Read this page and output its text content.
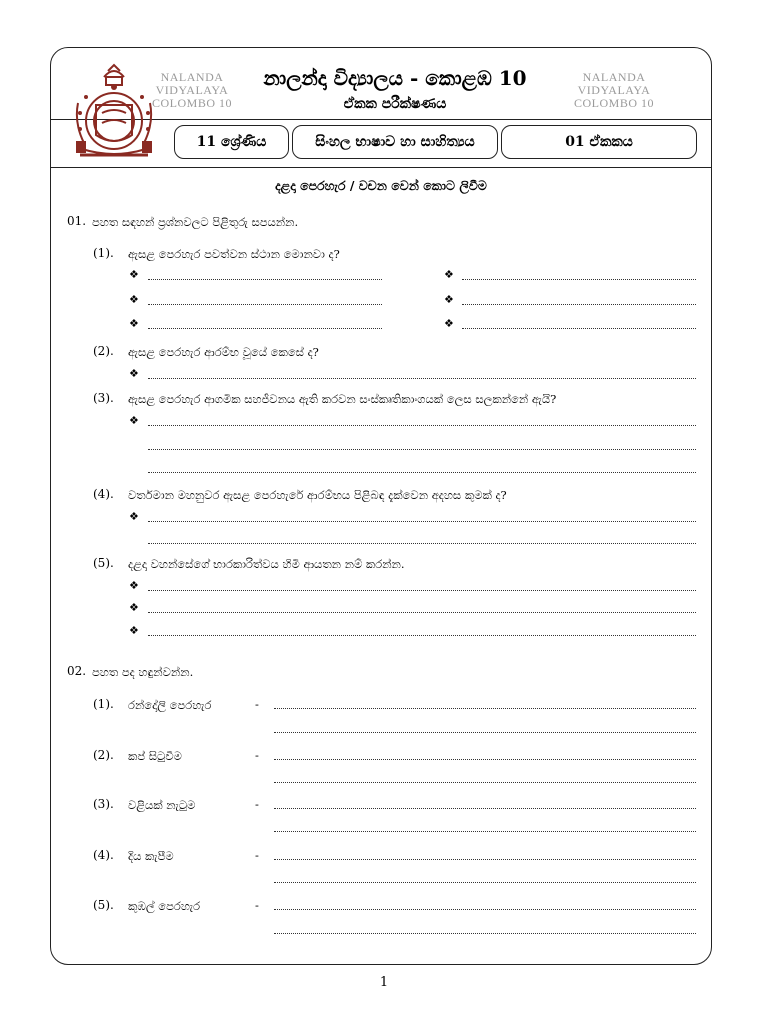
NALANDA
VIDYALAYA
COLOMBO 10
NALANDA
VIDYALAYA
COLOMBO 10
නාලන්දා විද්‍යාලය - කොළඹ 10
ඒකක පරීක්ෂණය
11 ශ්‍රේණිය	සිංහල භාෂාව හා සාහිත්‍යය	01 ඒකකය
දළදා පෙරහැර / වචන වෙන් කොට ලිවීම
01. පහත සඳහන් ප්‍රශ්නවලට පිළිතුරු සපයන්න.
(1). ඇසළ පෙරහැර පවත්වන ස්ථාන මොනවා ද?
❖	❖
❖	❖
❖	❖
(2). ඇසළ පෙරහැර ආරම්භ වූයේ කෙසේ ද?
❖
(3). ඇසළ පෙරහැර ආගමික සහජීවනය ඇති කරවන සංස්කෘතිකාංගයක් ලෙස සලකන්නේ ඇයි?
❖
(4). වර්තමාන මහනුවර ඇසළ පෙරහැරේ ආරම්භය පිළිබඳ දැක්වෙන අදහස කුමක් ද?
❖
(5). දළදා වහන්සේගේ භාරකාරිත්වය හිමි ආයතන නම් කරන්න.
❖
❖
❖
02. පහත පද හඳුන්වන්න.
(1). රන්දෝලි පෙරහැර	-
(2). කප් සිටුවීම	-
(3). වළියක් නැටුම	-
(4). දිය කැපීම	-
(5). කුඹල් පෙරහැර	-
1
